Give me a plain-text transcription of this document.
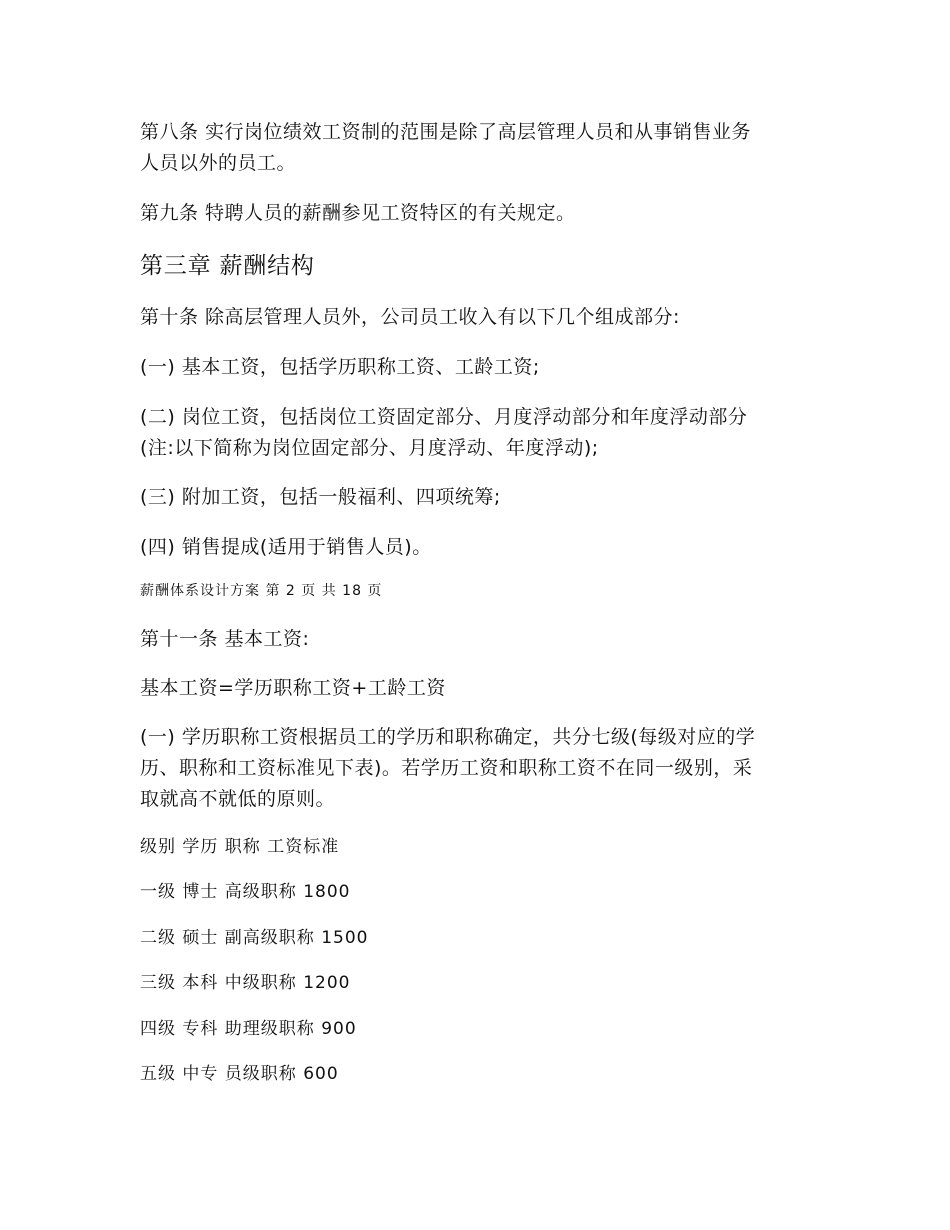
第八条 实行岗位绩效工资制的范围是除了高层管理人员和从事销售业务
人员以外的员工。
第九条 特聘人员的薪酬参见工资特区的有关规定。
第三章 薪酬结构
第十条 除高层管理人员外，公司员工收入有以下几个组成部分:
(一) 基本工资，包括学历职称工资、工龄工资;
(二) 岗位工资，包括岗位工资固定部分、月度浮动部分和年度浮动部分
(注:以下简称为岗位固定部分、月度浮动、年度浮动);
(三) 附加工资，包括一般福利、四项统筹;
(四) 销售提成(适用于销售人员)。
薪酬体系设计方案 第 2 页 共 18 页
第十一条 基本工资:
基本工资=学历职称工资+工龄工资
(一) 学历职称工资根据员工的学历和职称确定，共分七级(每级对应的学
历、职称和工资标准见下表)。若学历工资和职称工资不在同一级别，采
取就高不就低的原则。
级别 学历 职称 工资标准
一级 博士 高级职称 1800
二级 硕士 副高级职称 1500
三级 本科 中级职称 1200
四级 专科 助理级职称 900
五级 中专 员级职称 600
